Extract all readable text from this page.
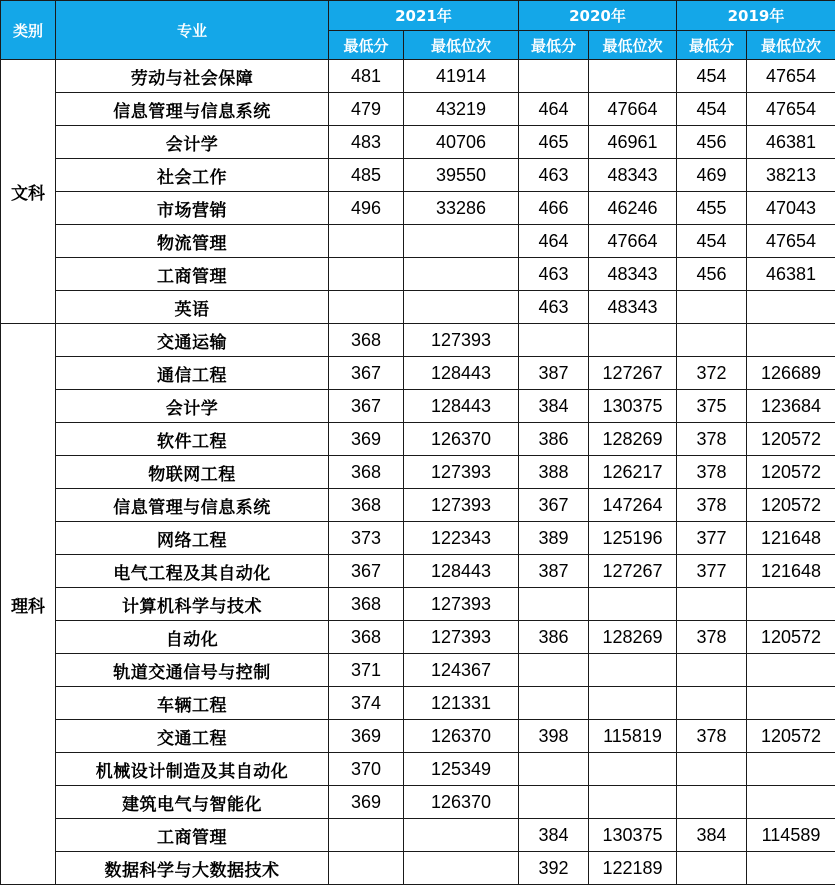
类别	专业	2021年		2020年		2019年	
		最低分	最低位次	最低分	最低位次	最低分	最低位次
文科	劳动与社会保障	481	41914			454	47654
	信息管理与信息系统	479	43219	464	47664	454	47654
	会计学	483	40706	465	46961	456	46381
	社会工作	485	39550	463	48343	469	38213
	市场营销	496	33286	466	46246	455	47043
	物流管理			464	47664	454	47654
	工商管理			463	48343	456	46381
	英语			463	48343		
理科	交通运输	368	127393				
	通信工程	367	128443	387	127267	372	126689
	会计学	367	128443	384	130375	375	123684
	软件工程	369	126370	386	128269	378	120572
	物联网工程	368	127393	388	126217	378	120572
	信息管理与信息系统	368	127393	367	147264	378	120572
	网络工程	373	122343	389	125196	377	121648
	电气工程及其自动化	367	128443	387	127267	377	121648
	计算机科学与技术	368	127393				
	自动化	368	127393	386	128269	378	120572
	轨道交通信号与控制	371	124367				
	车辆工程	374	121331				
	交通工程	369	126370	398	115819	378	120572
	机械设计制造及其自动化	370	125349				
	建筑电气与智能化	369	126370				
	工商管理			384	130375	384	114589
	数据科学与大数据技术			392	122189		
